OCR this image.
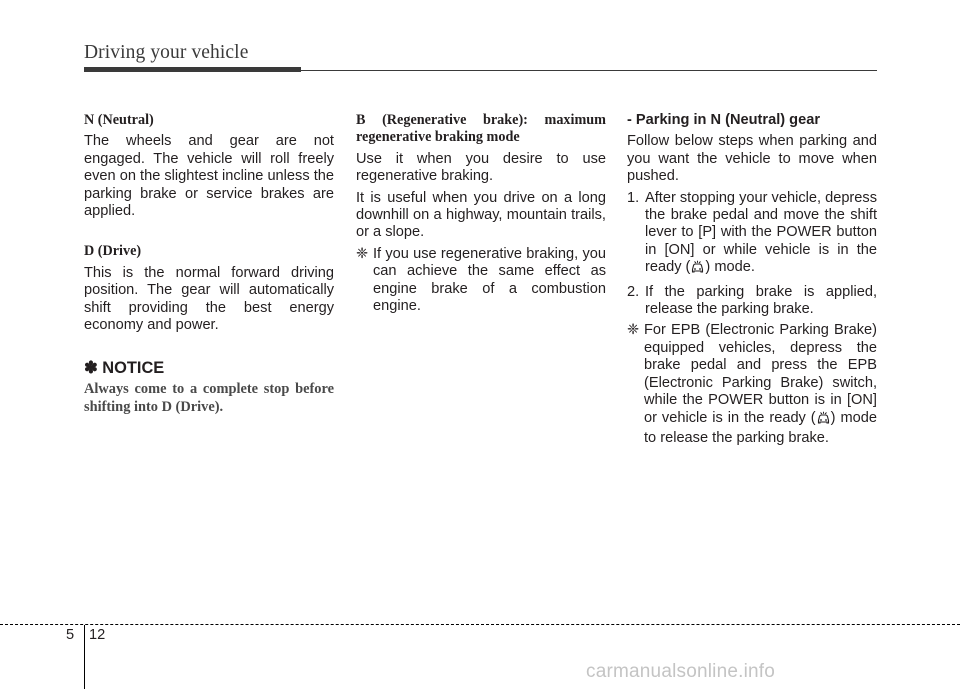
Driving your vehicle

N (Neutral)

The wheels and gear are not engaged. The vehicle will roll freely even on the slightest incline unless the parking brake or service brakes are applied.

D (Drive)

This is the normal forward driving position. The gear will automatically shift providing the best energy economy and power.

✽ NOTICE
Always come to a complete stop before shifting into D (Drive).

B (Regenerative brake): maximum regenerative braking mode

Use it when you desire to use regenerative braking.

It is useful when you drive on a long downhill on a highway, mountain trails, or a slope.

❈ If you use regenerative braking, you can achieve the same effect as engine brake of a combustion engine.

- Parking in N (Neutral) gear

Follow below steps when parking and you want the vehicle to move when pushed.

1. After stopping your vehicle, depress the brake pedal and move the shift lever to [P] with the POWER button in [ON] or while vehicle is in the ready ( ) mode.
2. If the parking brake is applied, release the parking brake.
❈ For EPB (Electronic Parking Brake) equipped vehicles, depress the brake pedal and press the EPB (Electronic Parking Brake) switch, while the POWER button is in [ON] or vehicle is in the ready ( ) mode to release the parking brake.
5 12
carmanualsonline.info
